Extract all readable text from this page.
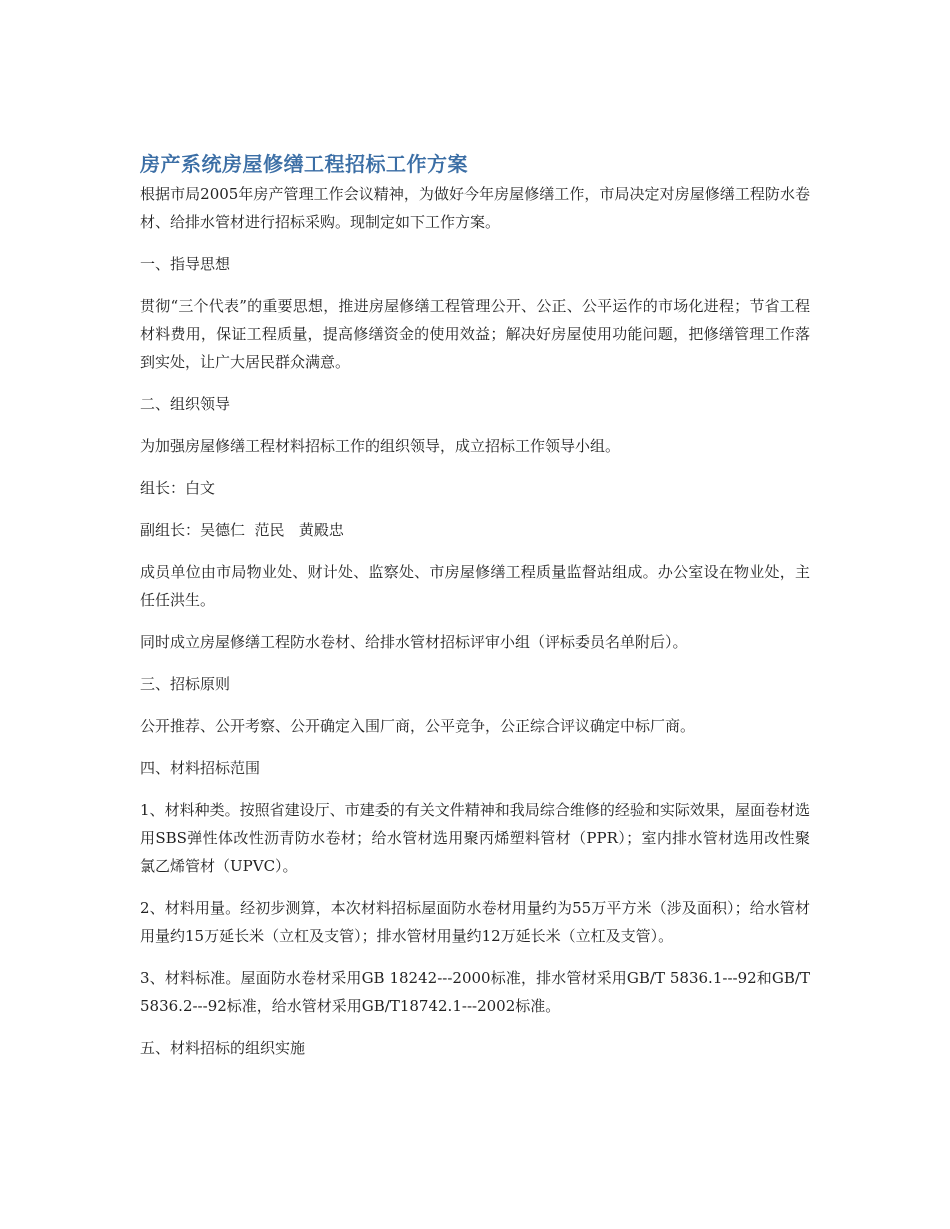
房产系统房屋修缮工程招标工作方案

根据市局2005年房产管理工作会议精神，为做好今年房屋修缮工作，市局决定对房屋修缮工程防水卷材、给排水管材进行招标采购。现制定如下工作方案。

一、指导思想

贯彻“三个代表”的重要思想，推进房屋修缮工程管理公开、公正、公平运作的市场化进程；节省工程材料费用，保证工程质量，提高修缮资金的使用效益；解决好房屋使用功能问题，把修缮管理工作落到实处，让广大居民群众满意。

二、组织领导

为加强房屋修缮工程材料招标工作的组织领导，成立招标工作领导小组。

组长：白文

副组长：吴德仁  范民   黄殿忠

成员单位由市局物业处、财计处、监察处、市房屋修缮工程质量监督站组成。办公室设在物业处，主任任洪生。

同时成立房屋修缮工程防水卷材、给排水管材招标评审小组（评标委员名单附后）。

三、招标原则

公开推荐、公开考察、公开确定入围厂商，公平竞争，公正综合评议确定中标厂商。

四、材料招标范围

1、材料种类。按照省建设厅、市建委的有关文件精神和我局综合维修的经验和实际效果，屋面卷材选用SBS弹性体改性沥青防水卷材；给水管材选用聚丙烯塑料管材（PPR）；室内排水管材选用改性聚氯乙烯管材（UPVC）。

2、材料用量。经初步测算，本次材料招标屋面防水卷材用量约为55万平方米（涉及面积）；给水管材用量约15万延长米（立杠及支管）；排水管材用量约12万延长米（立杠及支管）。

3、材料标准。屋面防水卷材采用GB 18242---2000标准，排水管材采用GB/T 5836.1---92和GB/T 5836.2---92标准，给水管材采用GB/T18742.1---2002标准。

五、材料招标的组织实施
